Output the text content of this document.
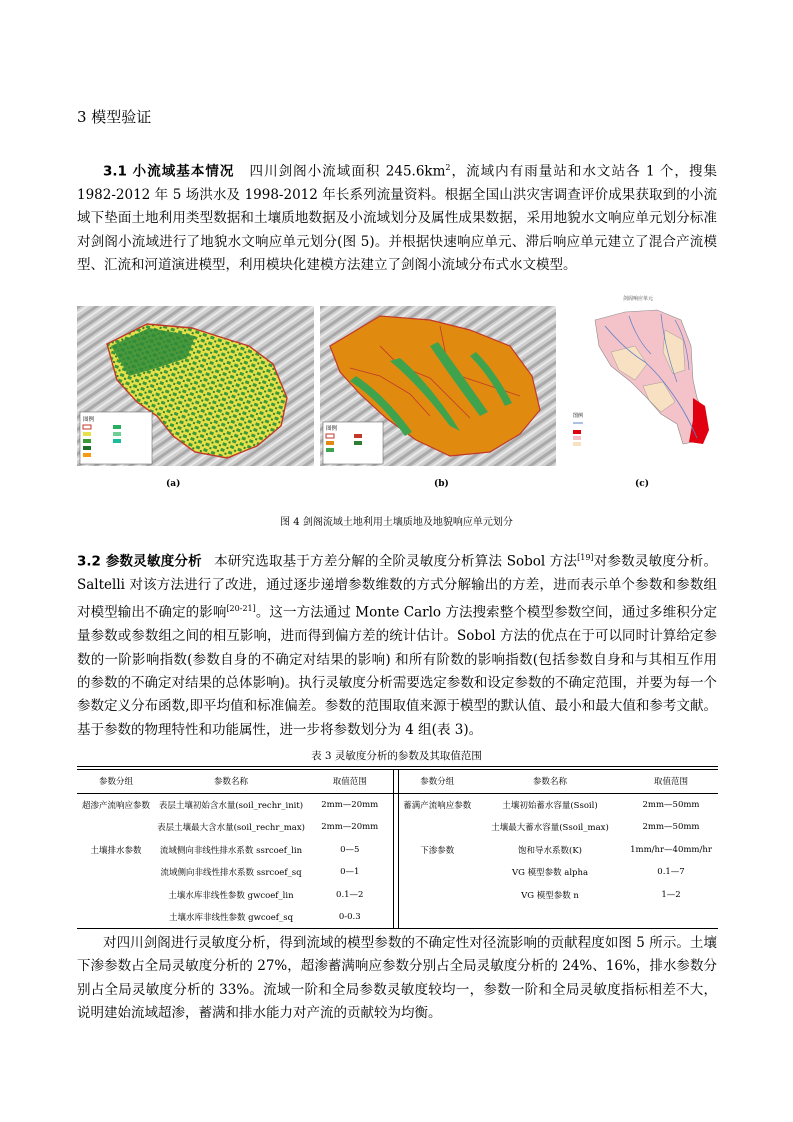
3 模型验证
3.1 小流域基本情况 四川剑阁小流域面积 $245.6km^2$，流域内有雨量站和水文站各 1 个，搜集 1982-2012 年 5 场洪水及 1998-2012 年长系列流量资料。根据全国山洪灾害调查评价成果获取到的小流域下垫面土地利用类型数据和土壤质地数据及小流域划分及属性成果数据，采用地貌水文响应单元划分标准对剑阁小流域进行了地貌水文响应单元划分(图 5)。并根据快速响应单元、滞后响应单元建立了混合产流模型、汇流和河道演进模型，利用模块化建模方法建立了剑阁小流域分布式水文模型。
图例
图例
剑阁响应单元
图例
(a)	(b)	(c)
图 4 剑阁流域土地利用土壤质地及地貌响应单元划分
3.2 参数灵敏度分析 本研究选取基于方差分解的全阶灵敏度分析算法 Sobol 方法[19]对参数灵敏度分析。Saltelli 对该方法进行了改进，通过逐步递增参数维数的方式分解输出的方差，进而表示单个参数和参数组对模型输出不确定的影响[20-21]。这一方法通过 Monte Carlo 方法搜索整个模型参数空间，通过多维积分定量参数或参数组之间的相互影响，进而得到偏方差的统计估计。Sobol 方法的优点在于可以同时计算给定参数的一阶影响指数(参数自身的不确定对结果的影响) 和所有阶数的影响指数(包括参数自身和与其相互作用的参数的不确定对结果的总体影响)。执行灵敏度分析需要选定参数和设定参数的不确定范围，并要为每一个参数定义分布函数,即平均值和标准偏差。参数的范围取值来源于模型的默认值、最小和最大值和参考文献。基于参数的物理特性和功能属性，进一步将参数划分为 4 组(表 3)。
表 3 灵敏度分析的参数及其取值范围
参数分组	参数名称	取值范围		参数分组	参数名称	取值范围
超渗产流响应参数	表层土壤初始含水量(soil_rechr_init)	2mm—20mm		蓄满产流响应参数	土壤初始蓄水容量(Ssoil)	2mm—50mm
	表层土壤最大含水量(soil_rechr_max)	2mm—20mm			土壤最大蓄水容量(Ssoil_max)	2mm—50mm
土壤排水参数	流域侧向非线性排水系数 ssrcoef_lin	0—5		下渗参数	饱和导水系数(K)	1mm/hr—40mm/hr
	流域侧向非线性排水系数 ssrcoef_sq	0—1			VG 模型参数 alpha	0.1—7
	土壤水库非线性参数 gwcoef_lin	0.1—2			VG 模型参数 n	1—2
	土壤水库非线性参数 gwcoef_sq	0-0.3				
对四川剑阁进行灵敏度分析，得到流域的模型参数的不确定性对径流影响的贡献程度如图 5 所示。土壤下渗参数占全局灵敏度分析的 27%，超渗蓄满响应参数分别占全局灵敏度分析的 24%、16%，排水参数分别占全局灵敏度分析的 33%。流域一阶和全局参数灵敏度较均一，参数一阶和全局灵敏度指标相差不大，说明建始流域超渗，蓄满和排水能力对产流的贡献较为均衡。
